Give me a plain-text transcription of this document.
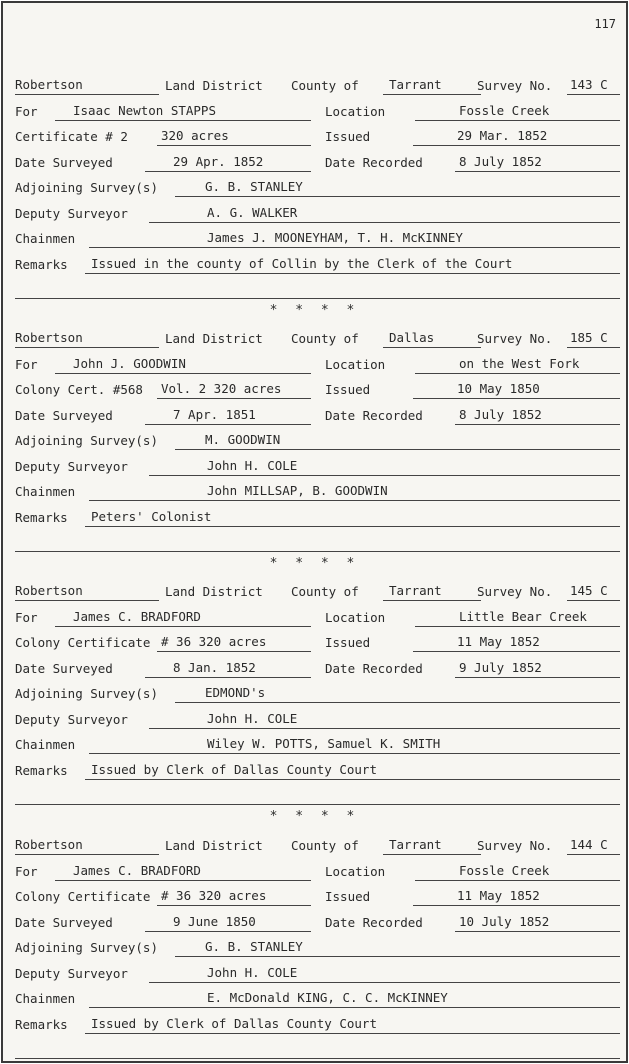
117
Robertson	Land District County of Tarrant	Survey No. 143 C
For	Isaac Newton STAPPS	Location	Fossle Creek
Certificate # 2	320 acres	Issued	29 Mar. 1852
Date Surveyed	29 Apr. 1852	Date Recorded	8 July 1852
Adjoining Survey(s)	G. B. STANLEY
Deputy Surveyor	A. G. WALKER
Chainmen	James J. MOONEYHAM, T. H. McKINNEY
Remarks Issued in the county of Collin by the Clerk of the Court
* * * *
Robertson	Land District County of Dallas	Survey No. 185 C
For	John J. GOODWIN	Location	on the West Fork
Colony Cert. #568 Vol. 2 320 acres	Issued	10 May 1850
Date Surveyed	7 Apr. 1851	Date Recorded	8 July 1852
Adjoining Survey(s)	M. GOODWIN
Deputy Surveyor	John H. COLE
Chainmen	John MILLSAP, B. GOODWIN
Remarks Peters' Colonist
* * * *
Robertson	Land District County of Tarrant	Survey No. 145 C
For	James C. BRADFORD	Location	Little Bear Creek
Colony Certificate # 36 320 acres	Issued	11 May 1852
Date Surveyed	8 Jan. 1852	Date Recorded	9 July 1852
Adjoining Survey(s)	EDMOND's
Deputy Surveyor	John H. COLE
Chainmen	Wiley W. POTTS, Samuel K. SMITH
Remarks Issued by Clerk of Dallas County Court
* * * *
Robertson	Land District County of Tarrant	Survey No. 144 C
For	James C. BRADFORD	Location	Fossle Creek
Colony Certificate # 36 320 acres	Issued	11 May 1852
Date Surveyed	9 June 1850	Date Recorded	10 July 1852
Adjoining Survey(s)	G. B. STANLEY
Deputy Surveyor	John H. COLE
Chainmen	E. McDonald KING, C. C. McKINNEY
Remarks Issued by Clerk of Dallas County Court
